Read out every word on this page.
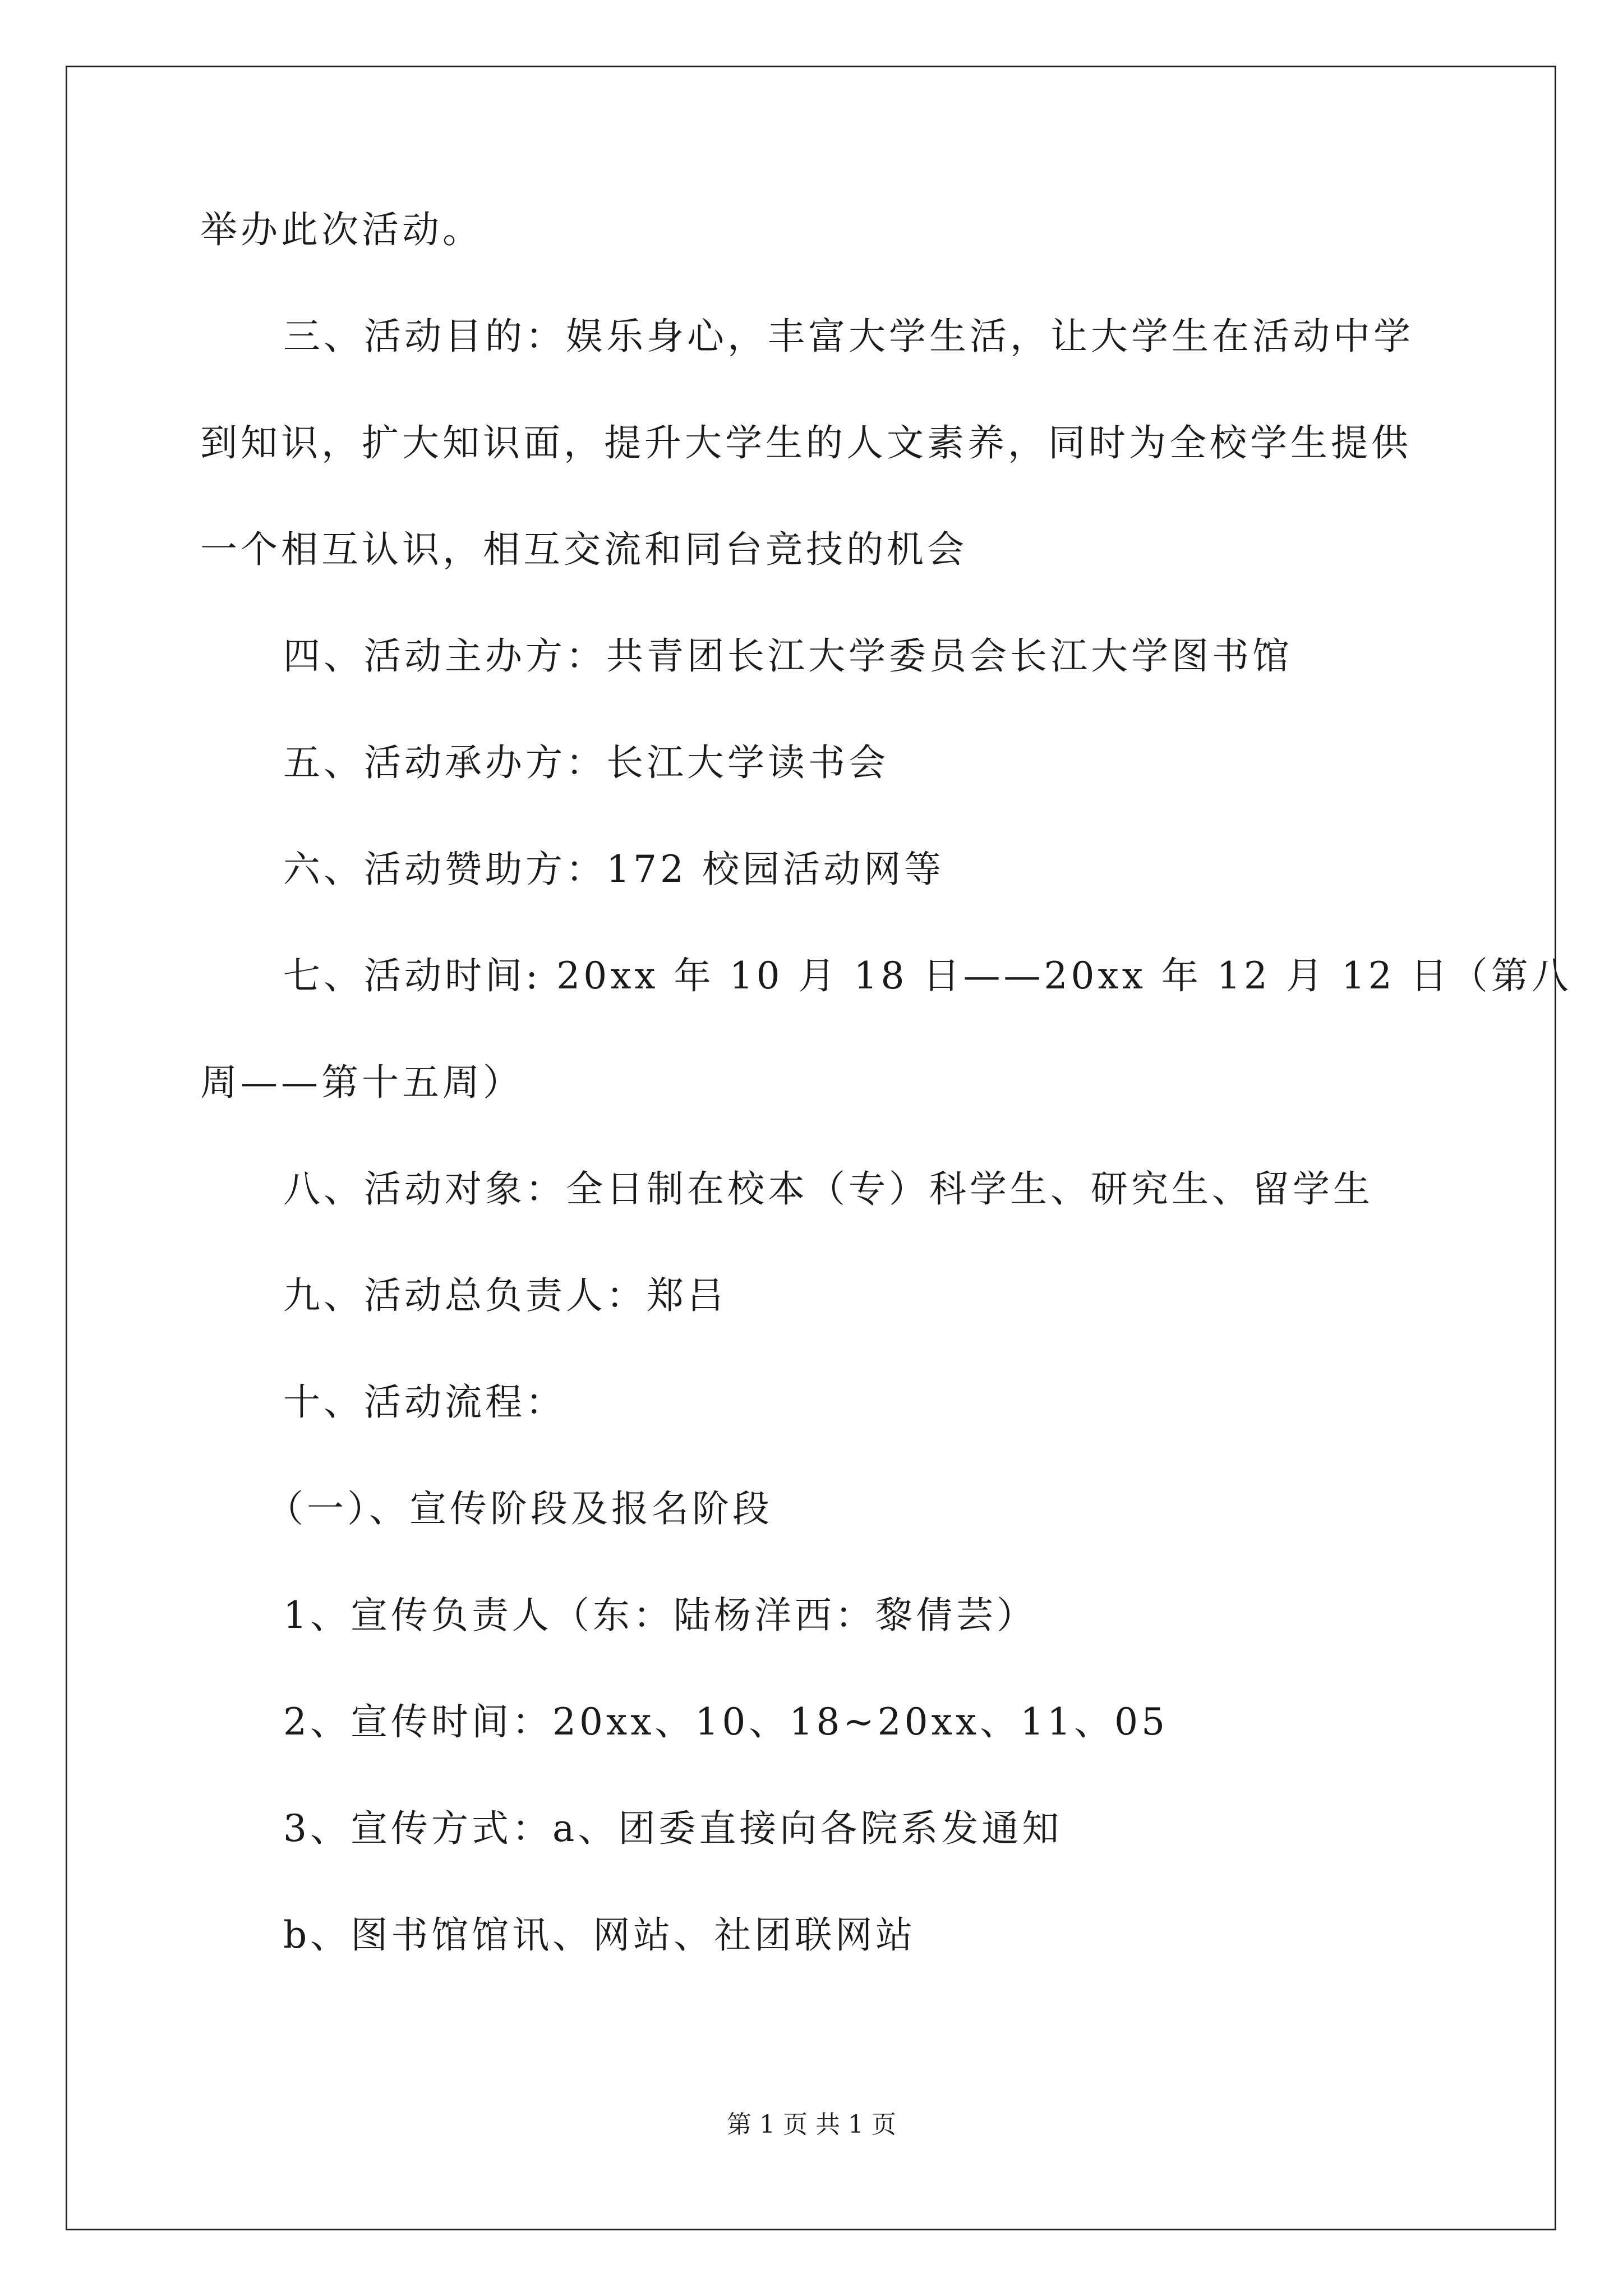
举办此次活动。
三、活动目的：娱乐身心，丰富大学生活，让大学生在活动中学
到知识，扩大知识面，提升大学生的人文素养，同时为全校学生提供
一个相互认识，相互交流和同台竞技的机会
四、活动主办方：共青团长江大学委员会长江大学图书馆
五、活动承办方：长江大学读书会
六、活动赞助方：172 校园活动网等
七、活动时间: 20xx 年 10 月 18 日——20xx 年 12 月 12 日（第八
周——第十五周）
八、活动对象：全日制在校本（专）科学生、研究生、留学生
九、活动总负责人：郑吕
十、活动流程：
（一）、宣传阶段及报名阶段
1、宣传负责人（东：陆杨洋西：黎倩芸）
2、宣传时间：20xx、10、18~20xx、11、05
3、宣传方式：a、团委直接向各院系发通知
b、图书馆馆讯、网站、社团联网站
第 1 页 共 1 页
